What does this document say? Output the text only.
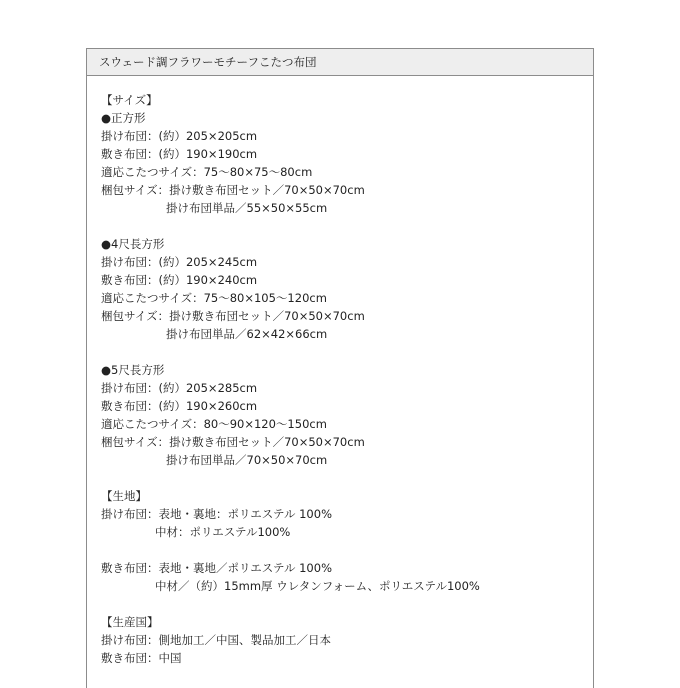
スウェード調フラワーモチーフこたつ布団
【サイズ】
●正方形
掛け布団：(約）205×205cm
敷き布団：(約）190×190cm
適応こたつサイズ：75～80×75～80cm
梱包サイズ：掛け敷き布団セット／70×50×70cm
掛け布団単品／55×50×55cm
●4尺長方形
掛け布団：(約）205×245cm
敷き布団：(約）190×240cm
適応こたつサイズ：75～80×105～120cm
梱包サイズ：掛け敷き布団セット／70×50×70cm
掛け布団単品／62×42×66cm
●5尺長方形
掛け布団：(約）205×285cm
敷き布団：(約）190×260cm
適応こたつサイズ：80～90×120～150cm
梱包サイズ：掛け敷き布団セット／70×50×70cm
掛け布団単品／70×50×70cm
【生地】
掛け布団：表地・裏地：ポリエステル 100%
中材：ポリエステル100%
敷き布団：表地・裏地／ポリエステル 100%
中材／（約）15mm厚 ウレタンフォーム、ポリエステル100%
【生産国】
掛け布団：側地加工／中国、製品加工／日本
敷き布団：中国
